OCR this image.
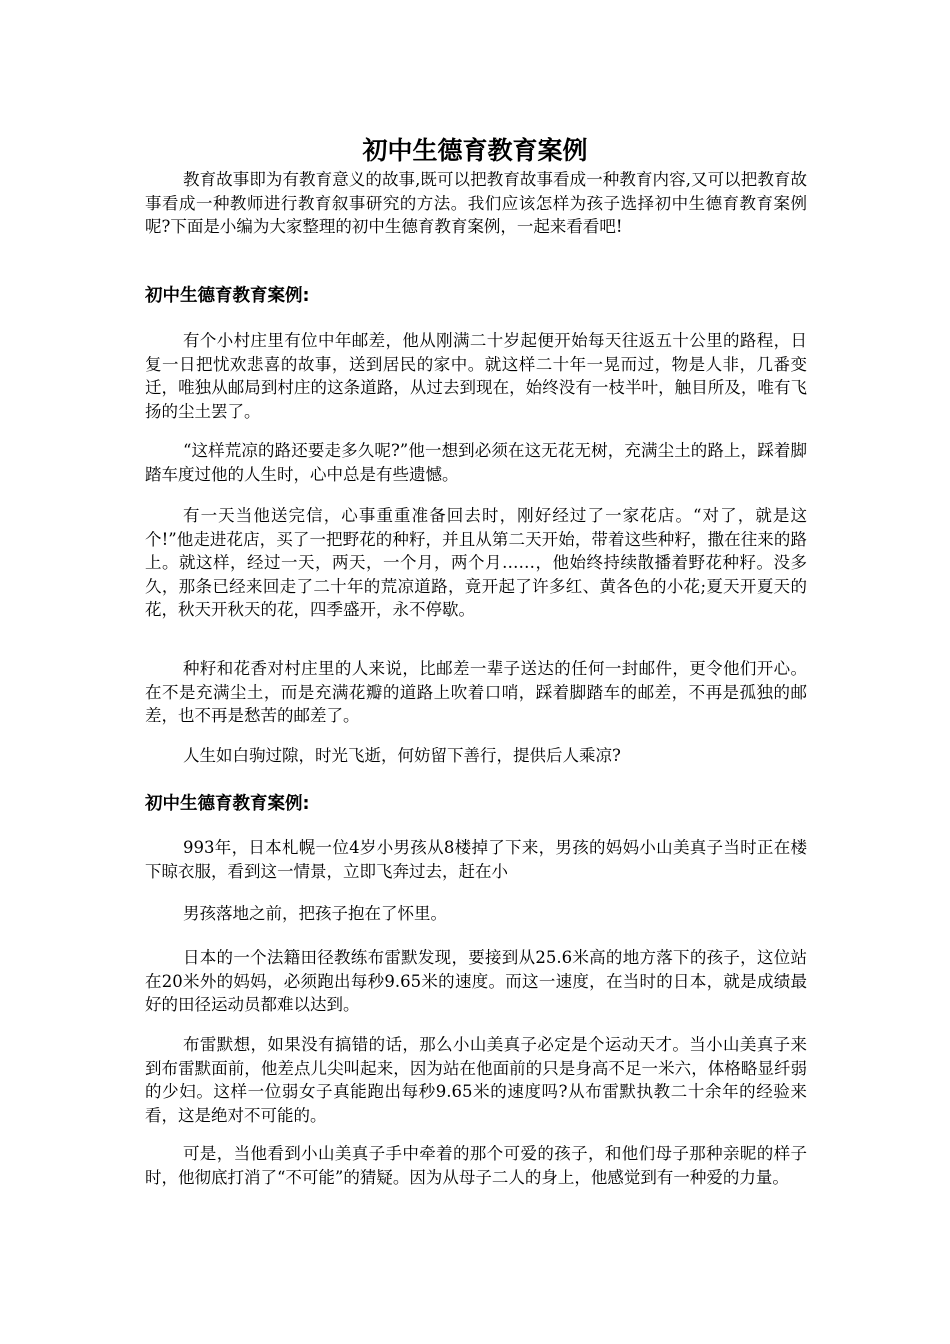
初中生德育教育案例

教育故事即为有教育意义的故事,既可以把教育故事看成一种教育内容,又可以把教育故事看成一种教师进行教育叙事研究的方法。我们应该怎样为孩子选择初中生德育教育案例呢?下面是小编为大家整理的初中生德育教育案例，一起来看看吧!

初中生德育教育案例:

有个小村庄里有位中年邮差，他从刚满二十岁起便开始每天往返五十公里的路程，日复一日把忧欢悲喜的故事，送到居民的家中。就这样二十年一晃而过，物是人非，几番变迁，唯独从邮局到村庄的这条道路，从过去到现在，始终没有一枝半叶，触目所及，唯有飞扬的尘土罢了。

“这样荒凉的路还要走多久呢?”他一想到必须在这无花无树，充满尘土的路上，踩着脚踏车度过他的人生时，心中总是有些遗憾。

有一天当他送完信，心事重重准备回去时，刚好经过了一家花店。“对了，就是这个!”他走进花店，买了一把野花的种籽，并且从第二天开始，带着这些种籽，撒在往来的路上。就这样，经过一天，两天，一个月，两个月……，他始终持续散播着野花种籽。没多久，那条已经来回走了二十年的荒凉道路，竟开起了许多红、黄各色的小花;夏天开夏天的花，秋天开秋天的花，四季盛开，永不停歇。

种籽和花香对村庄里的人来说，比邮差一辈子送达的任何一封邮件，更令他们开心。在不是充满尘土，而是充满花瓣的道路上吹着口哨，踩着脚踏车的邮差，不再是孤独的邮差，也不再是愁苦的邮差了。

人生如白驹过隙，时光飞逝，何妨留下善行，提供后人乘凉?

初中生德育教育案例:

993年，日本札幌一位4岁小男孩从8楼掉了下来，男孩的妈妈小山美真子当时正在楼下晾衣服，看到这一情景，立即飞奔过去，赶在小

男孩落地之前，把孩子抱在了怀里。

日本的一个法籍田径教练布雷默发现，要接到从25.6米高的地方落下的孩子，这位站在20米外的妈妈，必须跑出每秒9.65米的速度。而这一速度，在当时的日本，就是成绩最好的田径运动员都难以达到。

布雷默想，如果没有搞错的话，那么小山美真子必定是个运动天才。当小山美真子来到布雷默面前，他差点儿尖叫起来，因为站在他面前的只是身高不足一米六，体格略显纤弱的少妇。这样一位弱女子真能跑出每秒9.65米的速度吗?从布雷默执教二十余年的经验来看，这是绝对不可能的。

可是，当他看到小山美真子手中牵着的那个可爱的孩子，和他们母子那种亲昵的样子时，他彻底打消了“不可能”的猜疑。因为从母子二人的身上，他感觉到有一种爱的力量。
